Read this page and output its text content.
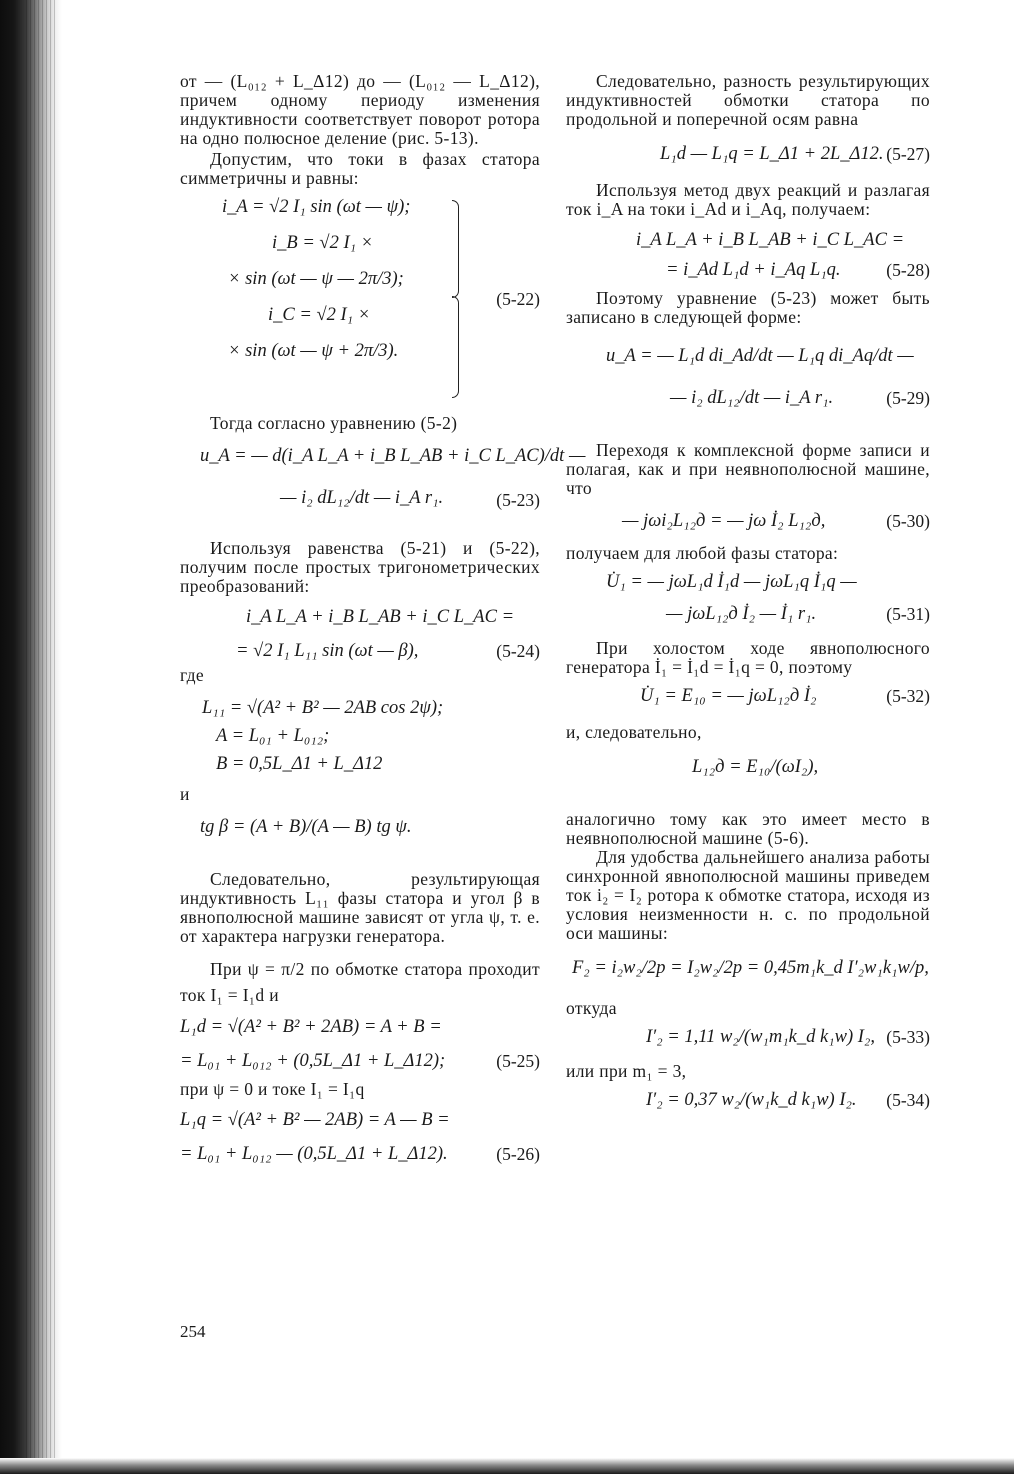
от — (L₀₁₂ + L_Δ12) до — (L₀₁₂ — L_Δ12), причем одному периоду изменения индуктивности соответствует поворот ротора на одно полюсное деление (рис. 5-13).

Допустим, что токи в фазах статора симметричны и равны:

i_A = √2 I₁ sin (ωt — ψ);
i_B = √2 I₁ ×
× sin (ωt — ψ — 2π/3);
i_C = √2 I₁ ×
× sin (ωt — ψ + 2π/3).
(5-22)

Тогда согласно уравнению (5-2)

u_A = — d(i_A L_A + i_B L_AB + i_C L_AC)/dt —
— i₂ dL₁₂/dt — i_A r₁.	(5-23)

Используя равенства (5-21) и (5-22), получим после простых тригонометрических преобразований:

i_A L_A + i_B L_AB + i_C L_AC =
= √2 I₁ L₁₁ sin (ωt — β),	(5-24)

где

L₁₁ = √(A² + B² — 2AB cos 2ψ);
A = L₀₁ + L₀₁₂;
B = 0,5L_Δ1 + L_Δ12

и

tg β = (A + B)/(A — B) tg ψ.

Следовательно, результирующая индуктивность L₁₁ фазы статора и угол β в явнополюсной машине зависят от угла ψ, т. е. от характера нагрузки генератора.

При ψ = π/2 по обмотке статора проходит ток I₁ = I₁d и

L₁d = √(A² + B² + 2AB) = A + B =
= L₀₁ + L₀₁₂ + (0,5L_Δ1 + L_Δ12);	(5-25)

при ψ = 0 и токе I₁ = I₁q

L₁q = √(A² + B² — 2AB) = A — B =
= L₀₁ + L₀₁₂ — (0,5L_Δ1 + L_Δ12).	(5-26)

Следовательно, разность результирующих индуктивностей обмотки статора по продольной и поперечной осям равна

L₁d — L₁q = L_Δ1 + 2L_Δ12. (5-27)

Используя метод двух реакций и разлагая ток i_A на токи i_Ad и i_Aq, получаем:

i_A L_A + i_B L_AB + i_C L_AC =
= i_Ad L₁d + i_Aq L₁q.	(5-28)

Поэтому уравнение (5-23) может быть записано в следующей форме:

u_A = — L₁d di_Ad/dt — L₁q di_Aq/dt —
— i₂ dL₁₂/dt — i_A r₁.	(5-29)

Переходя к комплексной форме записи и полагая, как и при неявнополюсной машине, что

— jωi₂L₁₂д = — jω İ₂ L₁₂д,	(5-30)

получаем для любой фазы статора:

U̇₁ = — jωL₁d İ₁d — jωL₁q İ₁q —
— jωL₁₂д İ₂ — İ₁ r₁.	(5-31)

При холостом ходе явнополюсного генератора İ₁ = İ₁d = İ₁q = 0, поэтому

U̇₁ = E₁₀ = — jωL₁₂д İ₂	(5-32)

и, следовательно,

L₁₂д = E₁₀/(ωI₂),

аналогично тому как это имеет место в неявнополюсной машине (5-6).

Для удобства дальнейшего анализа работы синхронной явнополюсной машины приведем ток i₂ = I₂ ротора к обмотке статора, исходя из условия неизменности н. с. по продольной оси машины:

F₂ = i₂w₂/2p = I₂w₂/2p = 0,45m₁k_d I′₂w₁k₁w/p,

откуда

I′₂ = 1,11 w₂/(w₁m₁k_d k₁w) I₂, (5-33)

или при m₁ = 3,

I′₂ = 0,37 w₂/(w₁k_d k₁w) I₂.	(5-34)
254
